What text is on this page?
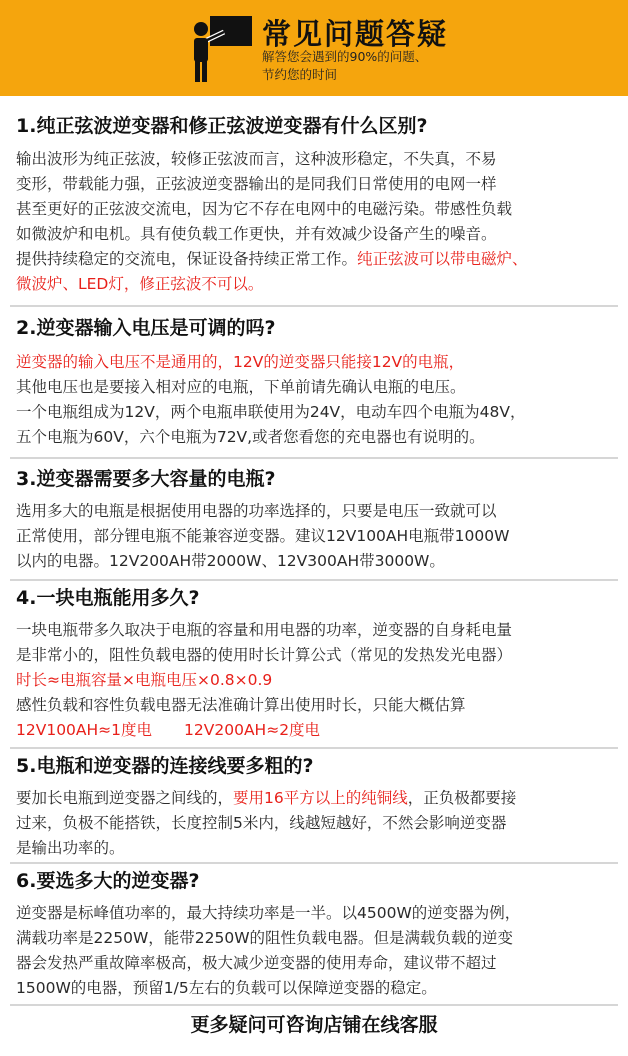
常见问题答疑
解答您会遇到的90%的问题、
节约您的时间

1.纯正弦波逆变器和修正弦波逆变器有什么区别?

输出波形为纯正弦波，较修正弦波而言，这种波形稳定，不失真，不易

变形，带载能力强，正弦波逆变器输出的是同我们日常使用的电网一样

甚至更好的正弦波交流电，因为它不存在电网中的电磁污染。带感性负载

如微波炉和电机。具有使负载工作更快，并有效减少设备产生的噪音。

提供持续稳定的交流电，保证设备持续正常工作。纯正弦波可以带电磁炉、

微波炉、LED灯，修正弦波不可以。

2.逆变器输入电压是可调的吗?

逆变器的输入电压不是通用的，12V的逆变器只能接12V的电瓶，

其他电压也是要接入相对应的电瓶，下单前请先确认电瓶的电压。

一个电瓶组成为12V，两个电瓶串联使用为24V，电动车四个电瓶为48V，

五个电瓶为60V，六个电瓶为72V,或者您看您的充电器也有说明的。

3.逆变器需要多大容量的电瓶?

选用多大的电瓶是根据使用电器的功率选择的，只要是电压一致就可以

正常使用，部分锂电瓶不能兼容逆变器。建议12V100AH电瓶带1000W

以内的电器。12V200AH带2000W、12V300AH带3000W。

4.一块电瓶能用多久?

一块电瓶带多久取决于电瓶的容量和用电器的功率，逆变器的自身耗电量

是非常小的，阻性负载电器的使用时长计算公式（常见的发热发光电器）

时长≈电瓶容量×电瓶电压×0.8×0.9

感性负载和容性负载电器无法准确计算出使用时长，只能大概估算

12V100AH≈1度电 12V200AH≈2度电

5.电瓶和逆变器的连接线要多粗的?

要加长电瓶到逆变器之间线的，要用16平方以上的纯铜线，正负极都要接

过来，负极不能搭铁，长度控制5米内，线越短越好，不然会影响逆变器

是输出功率的。

6.要选多大的逆变器?

逆变器是标峰值功率的，最大持续功率是一半。以4500W的逆变器为例，

满载功率是2250W，能带2250W的阻性负载电器。但是满载负载的逆变

器会发热严重故障率极高，极大减少逆变器的使用寿命，建议带不超过

1500W的电器，预留1/5左右的负载可以保障逆变器的稳定。

更多疑问可咨询店铺在线客服
